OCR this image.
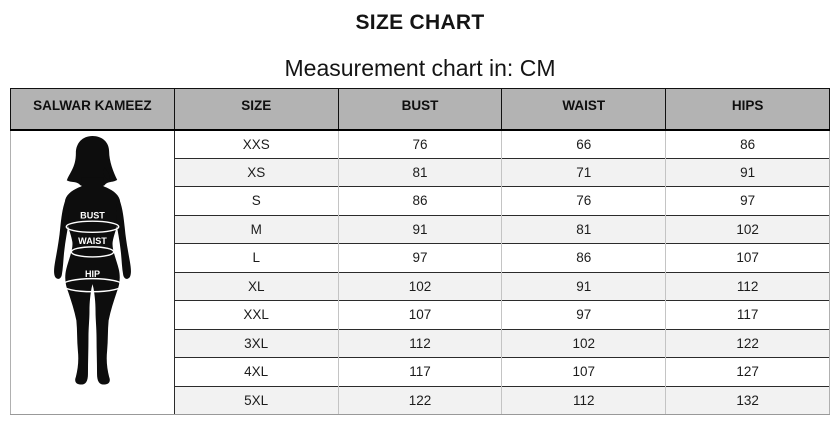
SIZE CHART
Measurement chart in: CM
SALWAR KAMEEZ	SIZE	BUST	WAIST	HIPS

BUST
WAIST
HIP	XXS	76	66	86
	XS	81	71	91
	S	86	76	97
	M	91	81	102
	L	97	86	107
	XL	102	91	112
	XXL	107	97	117
	3XL	112	102	122
	4XL	117	107	127
	5XL	122	112	132
